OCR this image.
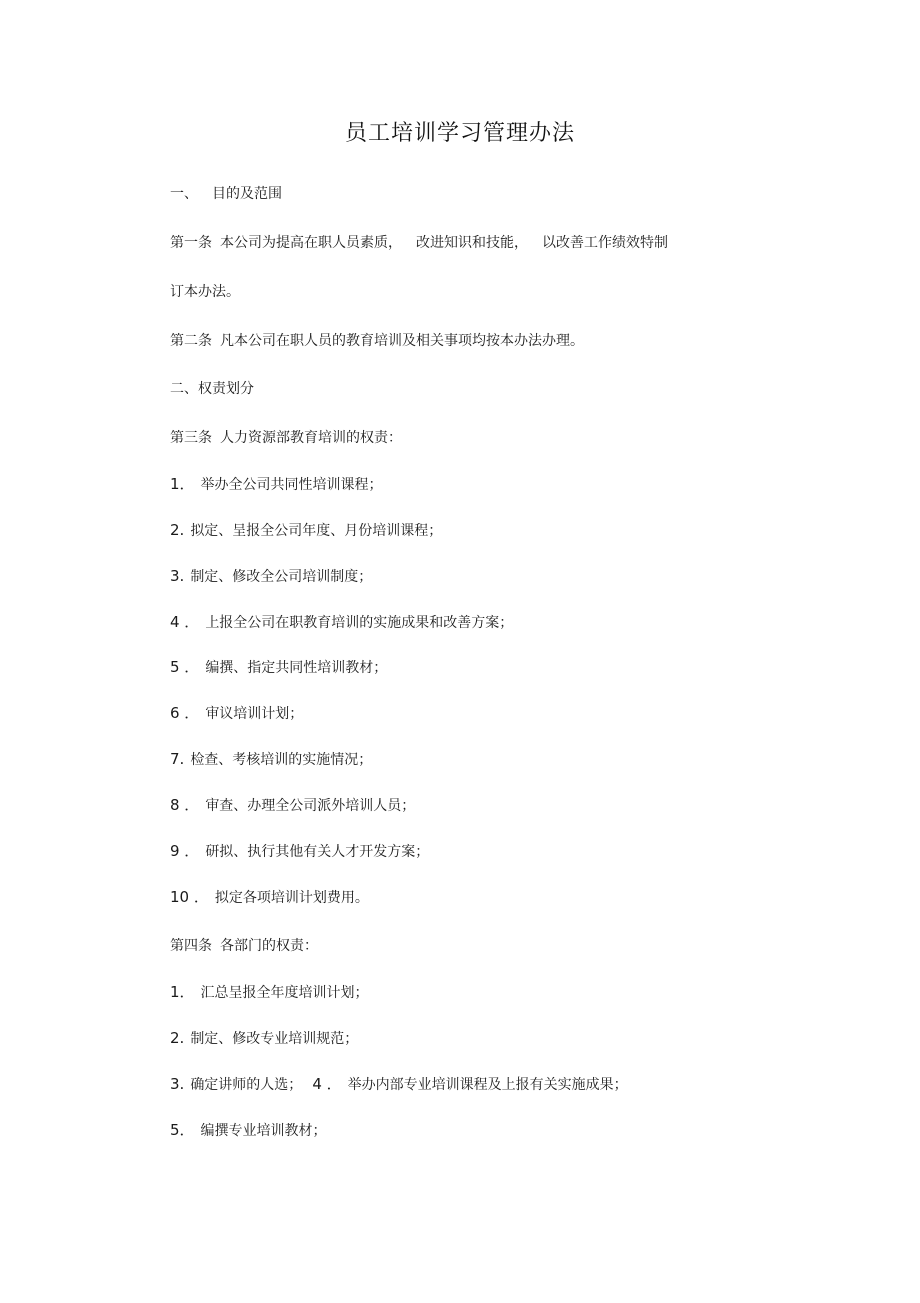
员工培训学习管理办法
一、 目的及范围
第一条 本公司为提高在职人员素质， 改进知识和技能， 以改善工作绩效特制
订本办法。
第二条 凡本公司在职人员的教育培训及相关事项均按本办法办理。
二、权责划分
第三条 人力资源部教育培训的权责：
1． 举办全公司共同性培训课程；
2. 拟定、呈报全公司年度、月份培训课程；
3. 制定、修改全公司培训制度；
4 ． 上报全公司在职教育培训的实施成果和改善方案；
5 ． 编撰、指定共同性培训教材；
6 ． 审议培训计划；
7. 检查、考核培训的实施情况；
8 ． 审查、办理全公司派外培训人员；
9 ． 研拟、执行其他有关人才开发方案；
10 ． 拟定各项培训计划费用。
第四条 各部门的权责：
1． 汇总呈报全年度培训计划；
2. 制定、修改专业培训规范；
3. 确定讲师的人选； 4 ． 举办内部专业培训课程及上报有关实施成果；
5． 编撰专业培训教材；
